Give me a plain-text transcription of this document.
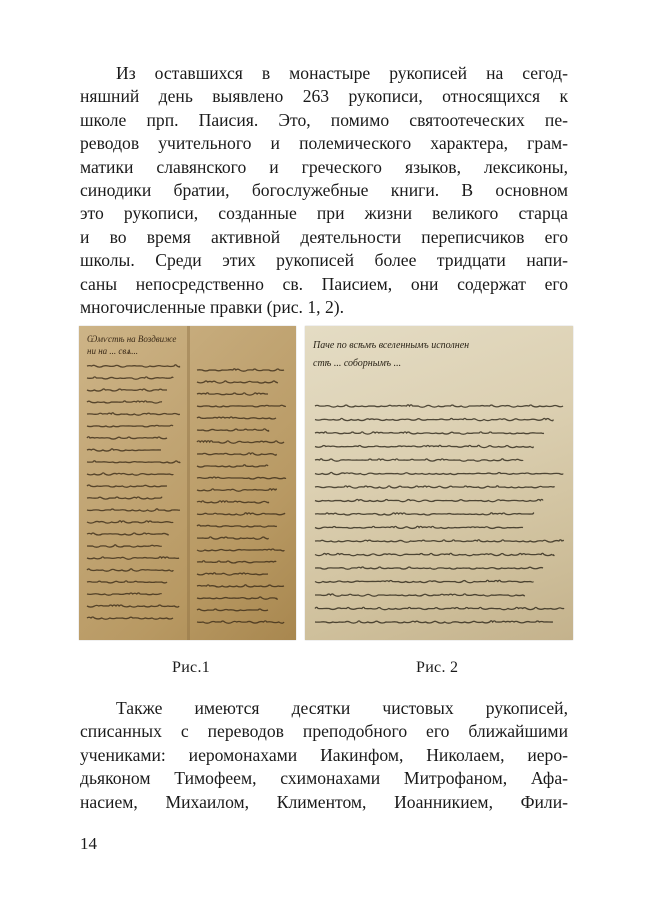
Из оставшихся в монастыре рукописей на сегод-
няшний день выявлено 263 рукописи, относящихся к
школе прп. Паисия. Это, помимо святоотеческих пе-
реводов учительного и полемического характера, грам-
матики славянского и греческого языков, лексиконы,
синодики братии, богослужебные книги. В основном
это рукописи, созданные при жизни великого старца
и во время активной деятельности переписчиков его
школы. Среди этих рукописей более тридцати напи-
саны непосредственно св. Паисием, они содержат его
многочисленные правки (рис. 1, 2).
Ѡмѵстѣ на Воздвиже
ни на ... свѧ...	Паче по всѣмъ вселеннымъ исполнен
стѣ ... соборнымъ ...
Рис.1	Рис. 2
Также имеются десятки чистовых рукописей,
списанных с переводов преподобного его ближайшими
учениками: иеромонахами Иакинфом, Николаем, иеро-
дьяконом Тимофеем, схимонахами Митрофаном, Афа-
насием, Михаилом, Климентом, Иоанникием, Фили-
14
